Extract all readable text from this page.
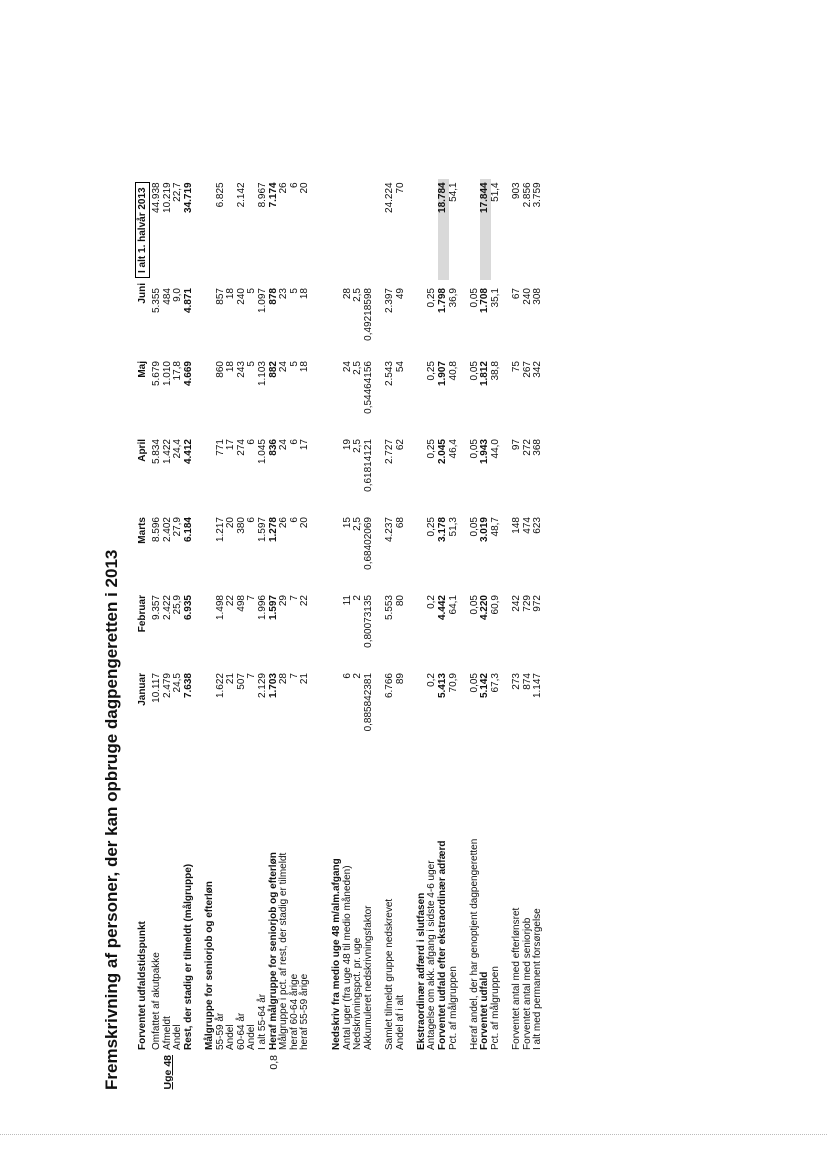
Fremskrivning af personer, der kan opbruge dagpengeretten i 2013
	Forventet udfaldstidspunkt	Januar	Februar	Marts	April	Maj	Juni	I alt 1. halvår 2013
	Omfattet af akutpakke	10.117	9.357	8.596	5.834	5.679	5.355	44.938
Uge 48	Afmeldt	2.479	2.422	2.402	1.422	1.010	484	10.219
	Andel	24,5	25,9	27,9	24,4	17,8	9,0	22,7
	Rest, der stadig er tilmeldt (målgruppe)	7.638	6.935	6.184	4.412	4.669	4.871	34.719

	Målgruppe for seniorjob og efterløn							
	55-59 år	1.622	1.498	1.217	771	860	857	6.825
	Andel	21	22	20	17	18	18	
	60-64 år	507	498	380	274	243	240	2.142
	Andel	7	7	6	6	5	5	
	I alt 55-64 år	2.129	1.996	1.597	1.045	1.103	1.097	8.967
0,8	Heraf målgruppe for seniorjob og efterløn	1.703	1.597	1.278	836	882	878	7.174
	Målgruppe i pct. af rest, der stadig er tilmeldt	28	29	26	24	24	23	26
	heraf 60-64 årige	7	7	6	6	5	5	6
	heraf 55-59 årige	21	22	20	17	18	18	20

	Nedskriv fra medio uge 48 m/alm.afgang							
	Antal uger (fra uge 48 til medio måneden)	6	11	15	19	24	28	
	Nedskrivningspct. pr. uge	2	2	2,5	2,5	2,5	2,5	
	Akkumuleret nedskrivningsfaktor	0,885842381	0,80073135	0,68402069	0,61814121	0,54464156	0,49218598	

	Samlet tilmeldt gruppe nedskrevet	6.766	5.553	4.237	2.727	2.543	2.397	24.224
	Andel af i alt	89	80	68	62	54	49	70

	Ekstraordinær adfærd i slutfasen							
	Antagelse om akk. afgang i sidste 4-6 uger	0,2	0,2	0,25	0,25	0,25	0,25	
	Forventet udfald efter ekstraordinær adfærd	5.413	4.442	3.178	2.045	1.907	1.798	18.784
	Pct. af målgruppen	70,9	64,1	51,3	46,4	40,8	36,9	54,1

	Heraf andel, der har genoptjent dagpengeretten	0,05	0,05	0,05	0,05	0,05	0,05	
	Forventet udfald	5.142	4.220	3.019	1.943	1.812	1.708	17.844
	Pct. af målgruppen	67,3	60,9	48,7	44,0	38,8	35,1	51,4

	Forventet antal med efterlønsret	273	242	148	97	75	67	903
	Forventet antal med seniorjob	874	729	474	272	267	240	2.856
	I alt med permanent forsørgelse	1.147	972	623	368	342	308	3.759
